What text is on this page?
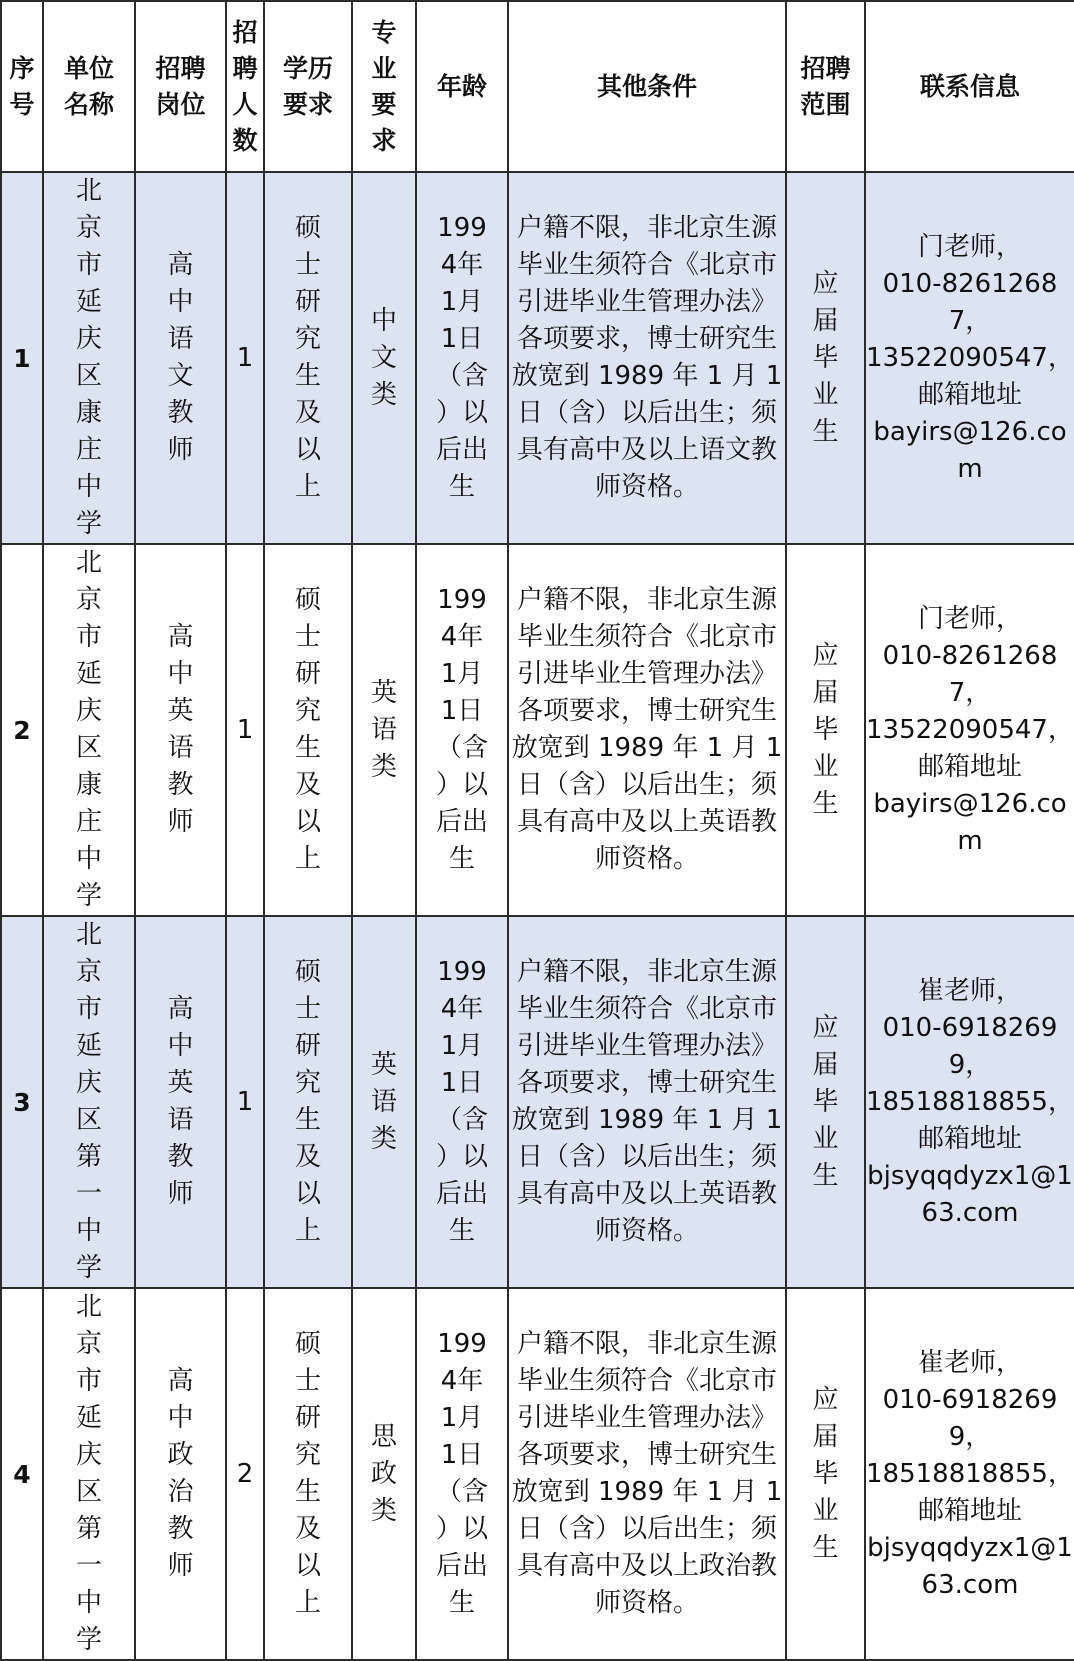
序号	单位名称	招聘岗位	招聘人数	学历要求	专业要求	年龄	其他条件	招聘范围	联系信息
1	北京市延庆区康庄中学	高中语文教师	1	硕士研究生及以上	中文类	1994年1月1日（含）以后出生	户籍不限，非北京生源毕业生须符合《北京市引进毕业生管理办法》各项要求，博士研究生放宽到 1989 年 1 月 1 日（含）以后出生；须具有高中及以上语文教师资格。	应届毕业生	门老师，
010-82612687，
13522090547，
邮箱地址
bayirs@126.com

2	北京市延庆区康庄中学	高中英语教师	1	硕士研究生及以上	英语类	1994年1月1日（含）以后出生	户籍不限，非北京生源毕业生须符合《北京市引进毕业生管理办法》各项要求，博士研究生放宽到 1989 年 1 月 1 日（含）以后出生；须具有高中及以上英语教师资格。	应届毕业生	门老师，
010-82612687，
13522090547，
邮箱地址
bayirs@126.com

3	北京市延庆区第一中学	高中英语教师	1	硕士研究生及以上	英语类	1994年1月1日（含）以后出生	户籍不限，非北京生源毕业生须符合《北京市引进毕业生管理办法》各项要求，博士研究生放宽到 1989 年 1 月 1 日（含）以后出生；须具有高中及以上英语教师资格。	应届毕业生	崔老师，
010-69182699，
18518818855，
邮箱地址
bjsyqqdyzx1@163.com

4	北京市延庆区第一中学	高中政治教师	2	硕士研究生及以上	思政类	1994年1月1日（含）以后出生	户籍不限，非北京生源毕业生须符合《北京市引进毕业生管理办法》各项要求，博士研究生放宽到 1989 年 1 月 1 日（含）以后出生；须具有高中及以上政治教师资格。	应届毕业生	崔老师，
010-69182699，
18518818855，
邮箱地址
bjsyqqdyzx1@163.com
